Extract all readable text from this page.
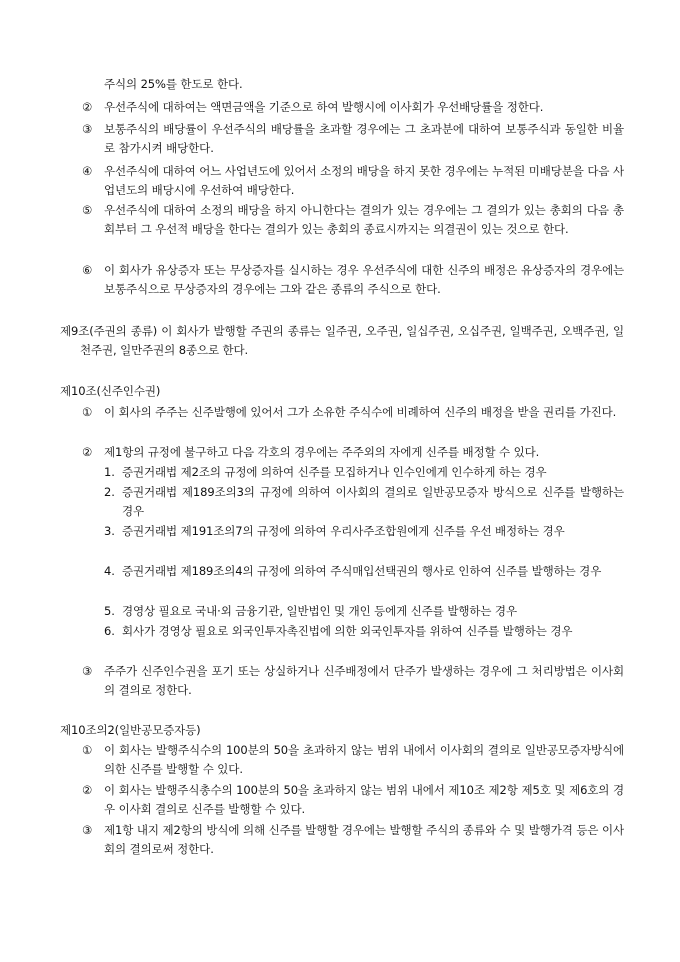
주식의 25%를 한도로 한다.
②	우선주식에 대하여는 액면금액을 기준으로 하여 발행시에 이사회가 우선배당률을 정한다.
③	보통주식의 배당률이 우선주식의 배당률을 초과할 경우에는 그 초과분에 대하여 보통주식과 동일한 비율로 참가시켜 배당한다.
④	우선주식에 대하여 어느 사업년도에 있어서 소정의 배당을 하지 못한 경우에는 누적된 미배당분을 다음 사업년도의 배당시에 우선하여 배당한다.
⑤	우선주식에 대하여 소정의 배당을 하지 아니한다는 결의가 있는 경우에는 그 결의가 있는 총회의 다음 총회부터 그 우선적 배당을 한다는 결의가 있는 총회의 종료시까지는 의결권이 있는 것으로 한다.
⑥	이 회사가 유상증자 또는 무상증자를 실시하는 경우 우선주식에 대한 신주의 배정은 유상증자의 경우에는 보통주식으로 무상증자의 경우에는 그와 같은 종류의 주식으로 한다.
제9조(주권의 종류) 이 회사가 발행할 주권의 종류는 일주권, 오주권, 일십주권, 오십주권, 일백주권, 오백주권, 일천주권, 일만주권의 8종으로 한다.
제10조(신주인수권)
①	이 회사의 주주는 신주발행에 있어서 그가 소유한 주식수에 비례하여 신주의 배정을 받을 권리를 가진다.
②	제1항의 규정에 불구하고 다음 각호의 경우에는 주주외의 자에게 신주를 배정할 수 있다.
1. 증권거래법 제2조의 규정에 의하여 신주를 모집하거나 인수인에게 인수하게 하는 경우
2. 증권거래법 제189조의3의 규정에 의하여 이사회의 결의로 일반공모증자 방식으로 신주를 발행하는 경우
3. 증권거래법 제191조의7의 규정에 의하여 우리사주조합원에게 신주를 우선 배정하는 경우
4. 증권거래법 제189조의4의 규정에 의하여 주식매입선택권의 행사로 인하여 신주를 발행하는 경우
5. 경영상 필요로 국내·외 금융기관, 일반법인 및 개인 등에게 신주를 발행하는 경우
6. 회사가 경영상 필요로 외국인투자촉진법에 의한 외국인투자를 위하여 신주를 발행하는 경우
③	주주가 신주인수권을 포기 또는 상실하거나 신주배정에서 단주가 발생하는 경우에 그 처리방법은 이사회의 결의로 정한다.
제10조의2(일반공모증자등)
①	이 회사는 발행주식수의 100분의 50을 초과하지 않는 범위 내에서 이사회의 결의로 일반공모증자방식에 의한 신주를 발행할 수 있다.
②	이 회사는 발행주식총수의 100분의 50을 초과하지 않는 범위 내에서 제10조 제2항 제5호 및 제6호의 경우 이사회 결의로 신주를 발행할 수 있다.
③	제1항 내지 제2항의 방식에 의해 신주를 발행할 경우에는 발행할 주식의 종류와 수 및 발행가격 등은 이사회의 결의로써 정한다.
